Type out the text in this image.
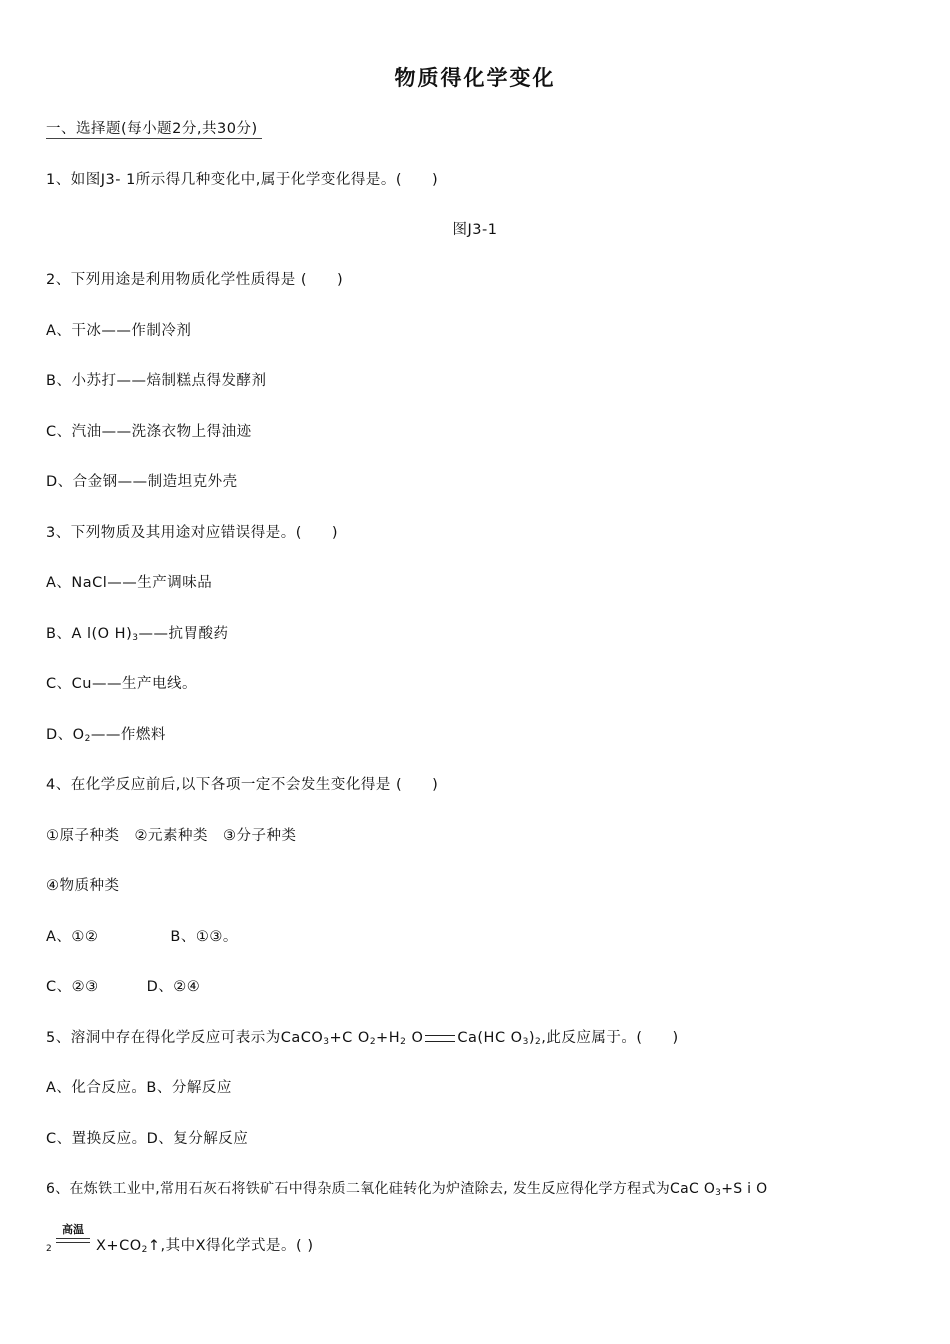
物质得化学变化
一、选择题(每小题2分,共30分)
1、如图J3- 1所示得几种变化中,属于化学变化得是。(　　)
图J3-1
2、下列用途是利用物质化学性质得是 (　　)
A、干冰——作制冷剂
B、小苏打——焙制糕点得发酵剂
C、汽油——洗涤衣物上得油迹
D、合金钢——制造坦克外壳
3、下列物质及其用途对应错误得是。(　　)
A、NaCl——生产调味品
B、A l(O $H)_3——$抗胃酸药
C、Cu——生产电线。
D、$O_2——$作燃料
4、在化学反应前后,以下各项一定不会发生变化得是 (　　)
①原子种类　②元素种类　③分子种类
④物质种类
A、①②	B、①③。
C、②③	D、②④
5、溶洞中存在得化学反应可表示为CaCO$_3$+C $O_2+H_2$ O Ca(HC $O_3)_2$,此反应属于。(　　)
A、化合反应。B、分解反应
C、置换反应。D、复分解反应
6、在炼铁工业中,常用石灰石将铁矿石中得杂质二氧化硅转化为炉渣除去, 发生反应得化学方程式为CaC $O_3+S$ i O
高温
2	$X+CO_2↑$,其中X得化学式是。( )
